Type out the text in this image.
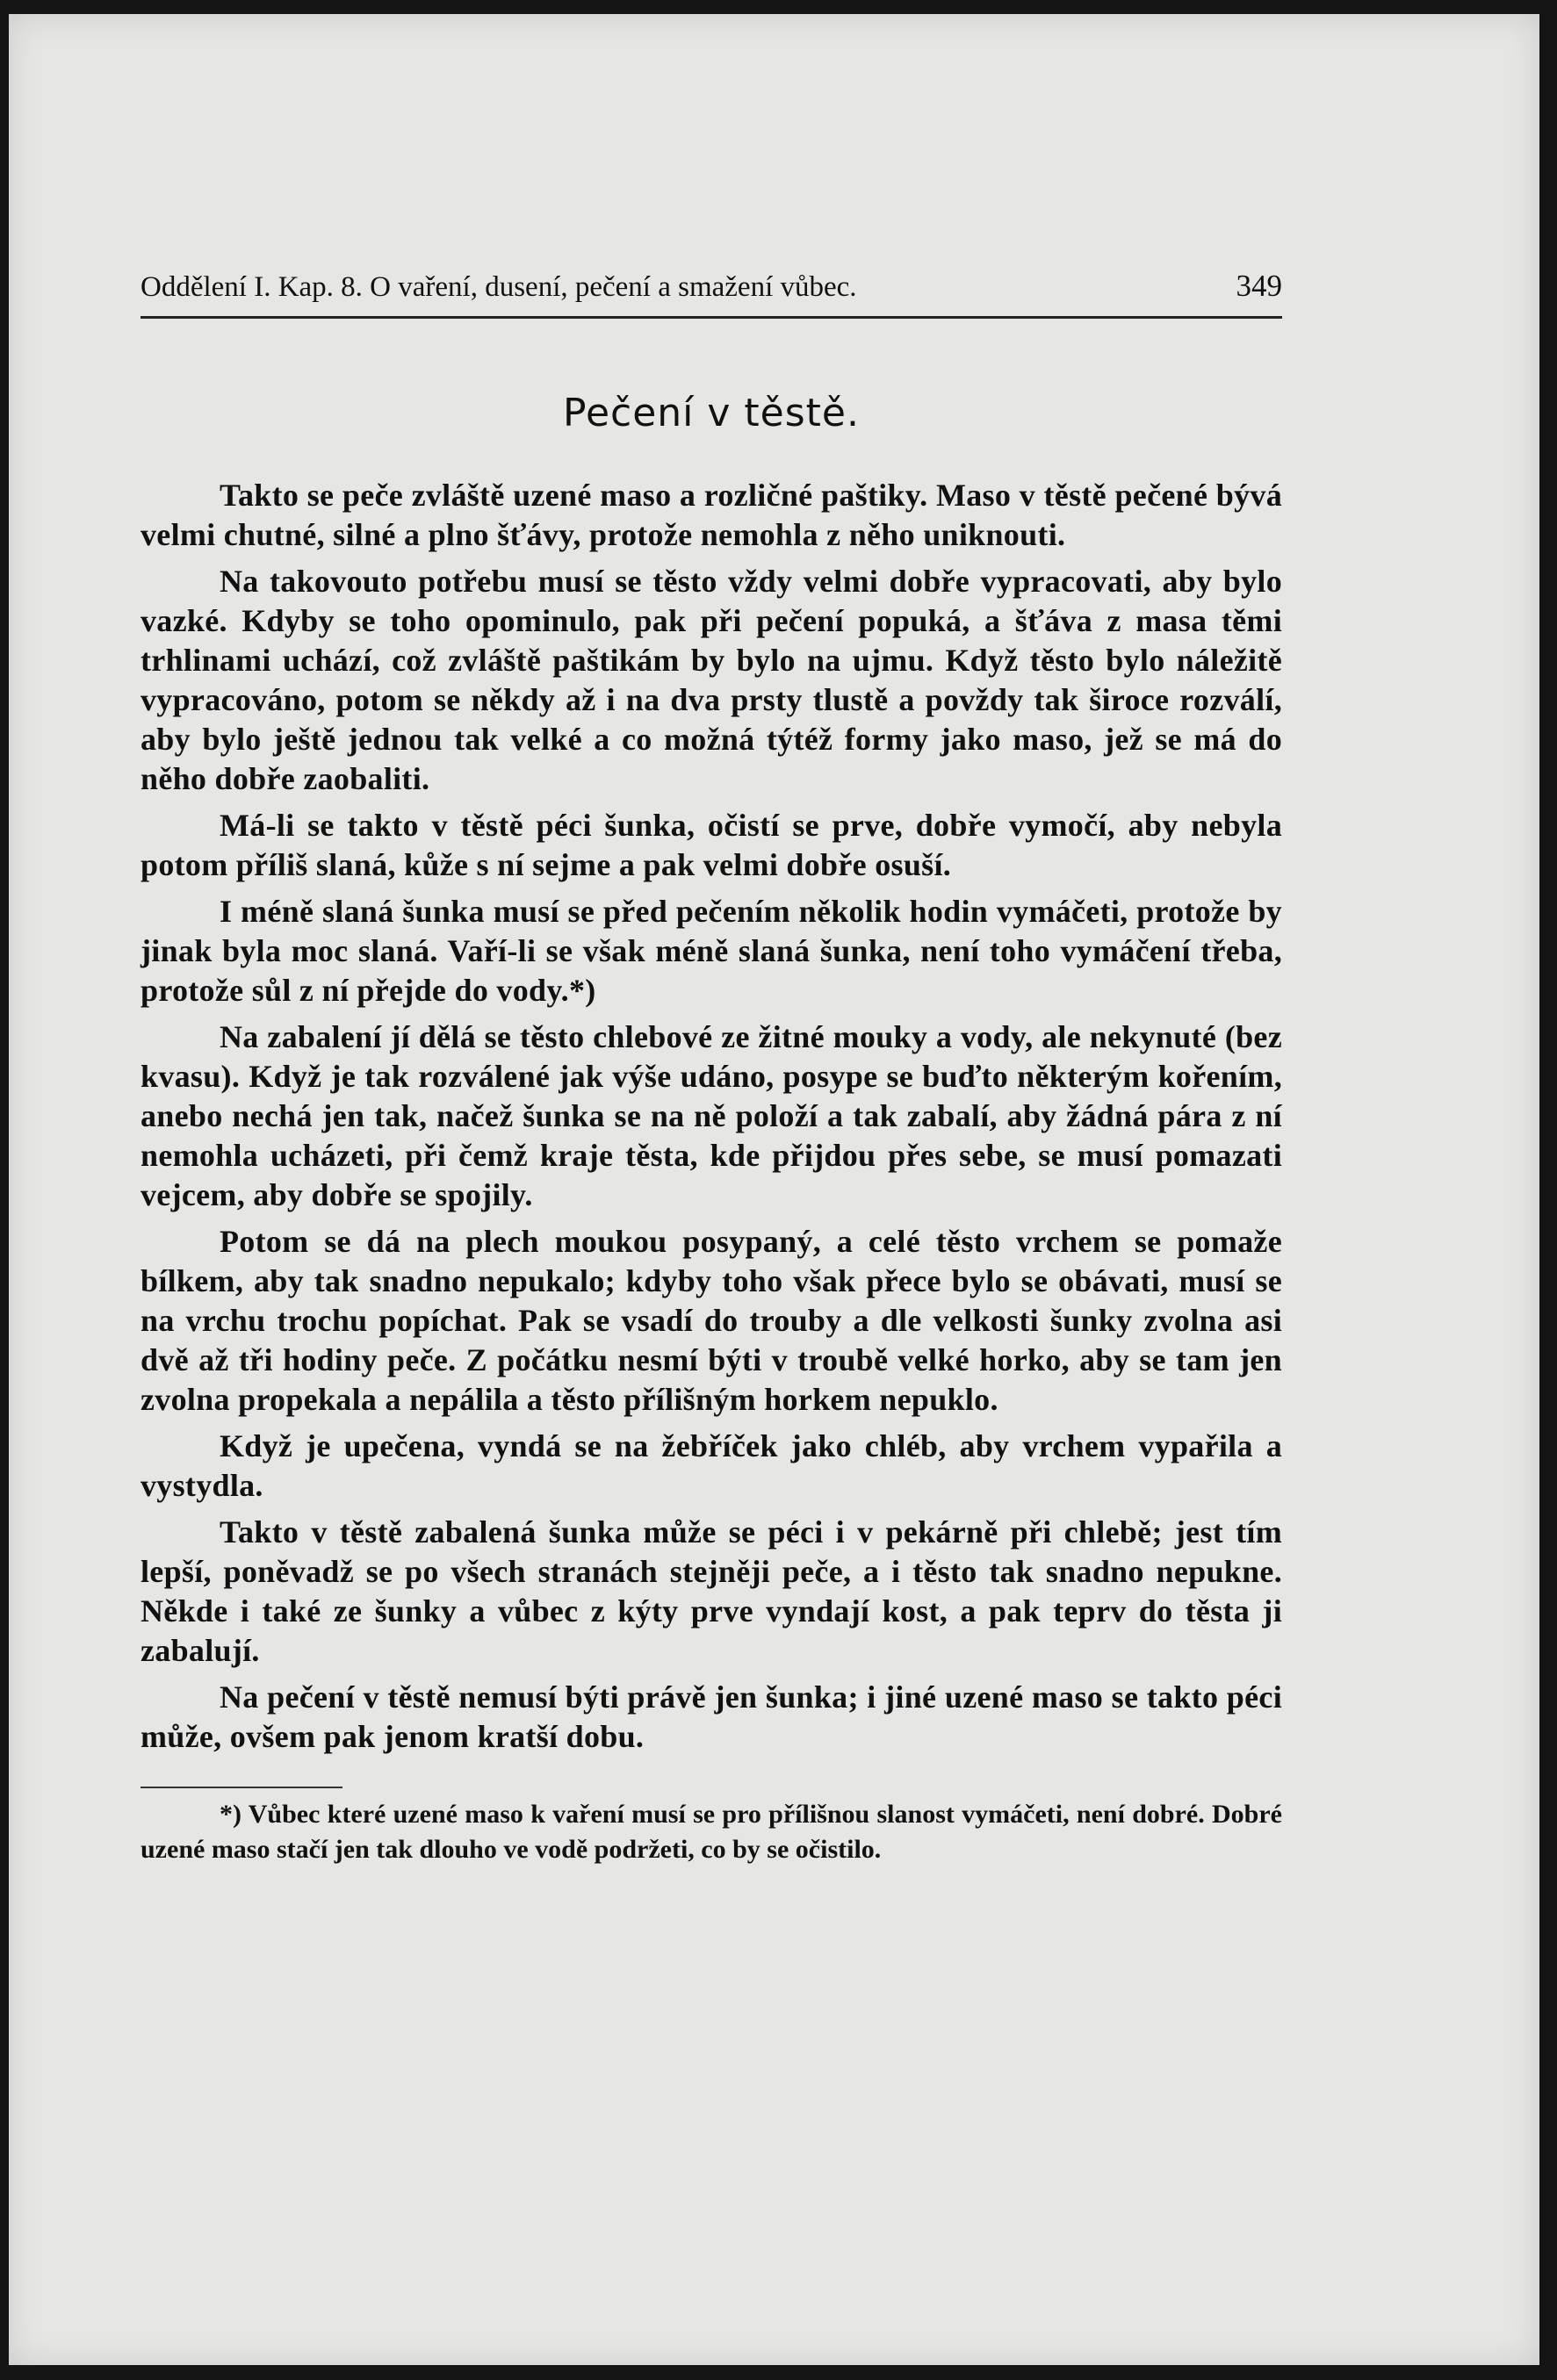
Oddělení I. Kap. 8. O vaření, dusení, pečení a smažení vůbec.	349
Pečení v těstě.

Takto se peče zvláště uzené maso a rozličné paštiky. Maso v těstě pečené bývá velmi chutné, silné a plno šťávy, protože nemohla z něho uniknouti.

Na takovouto potřebu musí se těsto vždy velmi dobře vypracovati, aby bylo vazké. Kdyby se toho opominulo, pak při pečení popuká, a šťáva z masa těmi trhlinami uchází, což zvláště paštikám by bylo na ujmu. Když těsto bylo náležitě vypracováno, potom se někdy až i na dva prsty tlustě a povždy tak široce rozválí, aby bylo ještě jednou tak velké a co možná týtéž formy jako maso, jež se má do něho dobře zaobaliti.

Má-li se takto v těstě péci šunka, očistí se prve, dobře vymočí, aby nebyla potom příliš slaná, kůže s ní sejme a pak velmi dobře osuší.

I méně slaná šunka musí se před pečením několik hodin vymáčeti, protože by jinak byla moc slaná. Vaří-li se však méně slaná šunka, není toho vymáčení třeba, protože sůl z ní přejde do vody.*)

Na zabalení jí dělá se těsto chlebové ze žitné mouky a vody, ale nekynuté (bez kvasu). Když je tak rozválené jak výše udáno, posype se buďto některým kořením, anebo nechá jen tak, načež šunka se na ně položí a tak zabalí, aby žádná pára z ní nemohla ucházeti, při čemž kraje těsta, kde přijdou přes sebe, se musí pomazati vejcem, aby dobře se spojily.

Potom se dá na plech moukou posypaný, a celé těsto vrchem se pomaže bílkem, aby tak snadno nepukalo; kdyby toho však přece bylo se obávati, musí se na vrchu trochu popíchat. Pak se vsadí do trouby a dle velkosti šunky zvolna asi dvě až tři hodiny peče. Z počátku nesmí býti v troubě velké horko, aby se tam jen zvolna propekala a nepálila a těsto přílišným horkem nepuklo.

Když je upečena, vyndá se na žebříček jako chléb, aby vrchem vypařila a vystydla.

Takto v těstě zabalená šunka může se péci i v pekárně při chlebě; jest tím lepší, poněvadž se po všech stranách stejněji peče, a i těsto tak snadno nepukne. Někde i také ze šunky a vůbec z kýty prve vyndají kost, a pak teprv do těsta ji zabalují.

Na pečení v těstě nemusí býti právě jen šunka; i jiné uzené maso se takto péci může, ovšem pak jenom kratší dobu.

*) Vůbec které uzené maso k vaření musí se pro přílišnou slanost vymáčeti, není dobré. Dobré uzené maso stačí jen tak dlouho ve vodě podržeti, co by se očistilo.
